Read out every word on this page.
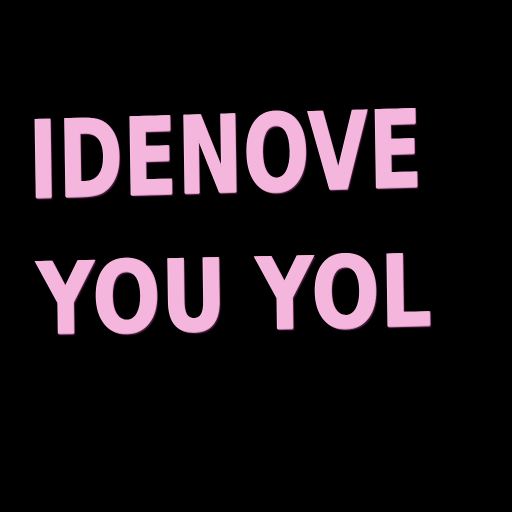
IDENOVE
YOU YOL
